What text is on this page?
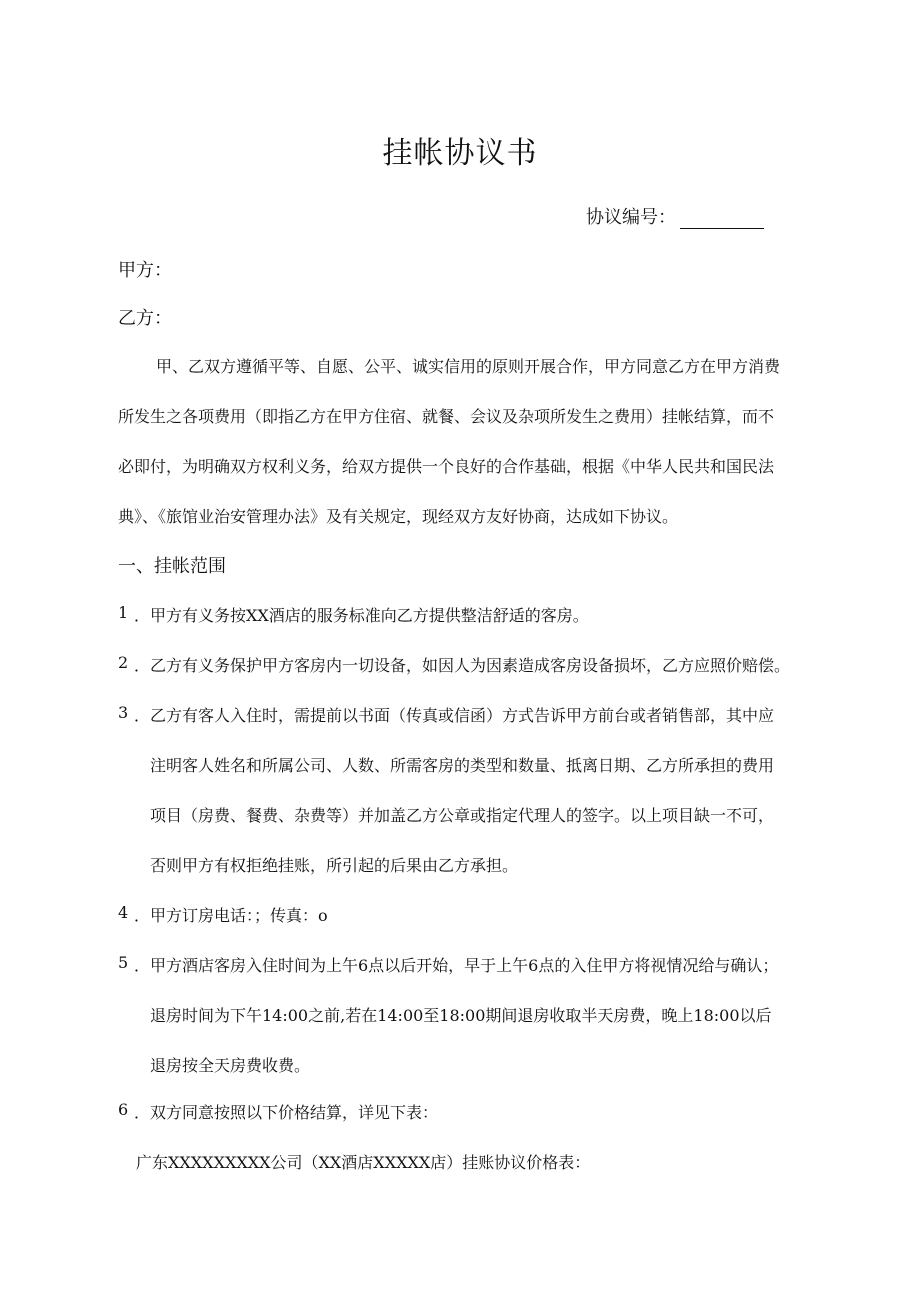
挂帐协议书
协议编号：
甲方：
乙方：
甲、乙双方遵循平等、自愿、公平、诚实信用的原则开展合作，甲方同意乙方在甲方消费
所发生之各项费用（即指乙方在甲方住宿、就餐、会议及杂项所发生之费用）挂帐结算，而不
必即付，为明确双方权利义务，给双方提供一个良好的合作基础，根据《中华人民共和国民法
典》、《旅馆业治安管理办法》及有关规定，现经双方友好协商，达成如下协议。
一、挂帐范围
1 ．甲方有义务按XX酒店的服务标准向乙方提供整洁舒适的客房。
2 ．乙方有义务保护甲方客房内一切设备，如因人为因素造成客房设备损坏，乙方应照价赔偿。
3 ．乙方有客人入住时，需提前以书面（传真或信函）方式告诉甲方前台或者销售部，其中应
注明客人姓名和所属公司、人数、所需客房的类型和数量、抵离日期、乙方所承担的费用
项目（房费、餐费、杂费等）并加盖乙方公章或指定代理人的签字。以上项目缺一不可，
否则甲方有权拒绝挂账，所引起的后果由乙方承担。
4 ．甲方订房电话：；传真：o
5 ．甲方酒店客房入住时间为上午6点以后开始，早于上午6点的入住甲方将视情况给与确认；
退房时间为下午14:00之前,若在14:00至18:00期间退房收取半天房费，晚上18:00以后
退房按全天房费收费。
6 ．双方同意按照以下价格结算，详见下表：
广东XXXXXXXXX公司（XX酒店XXXXX店）挂账协议价格表：
